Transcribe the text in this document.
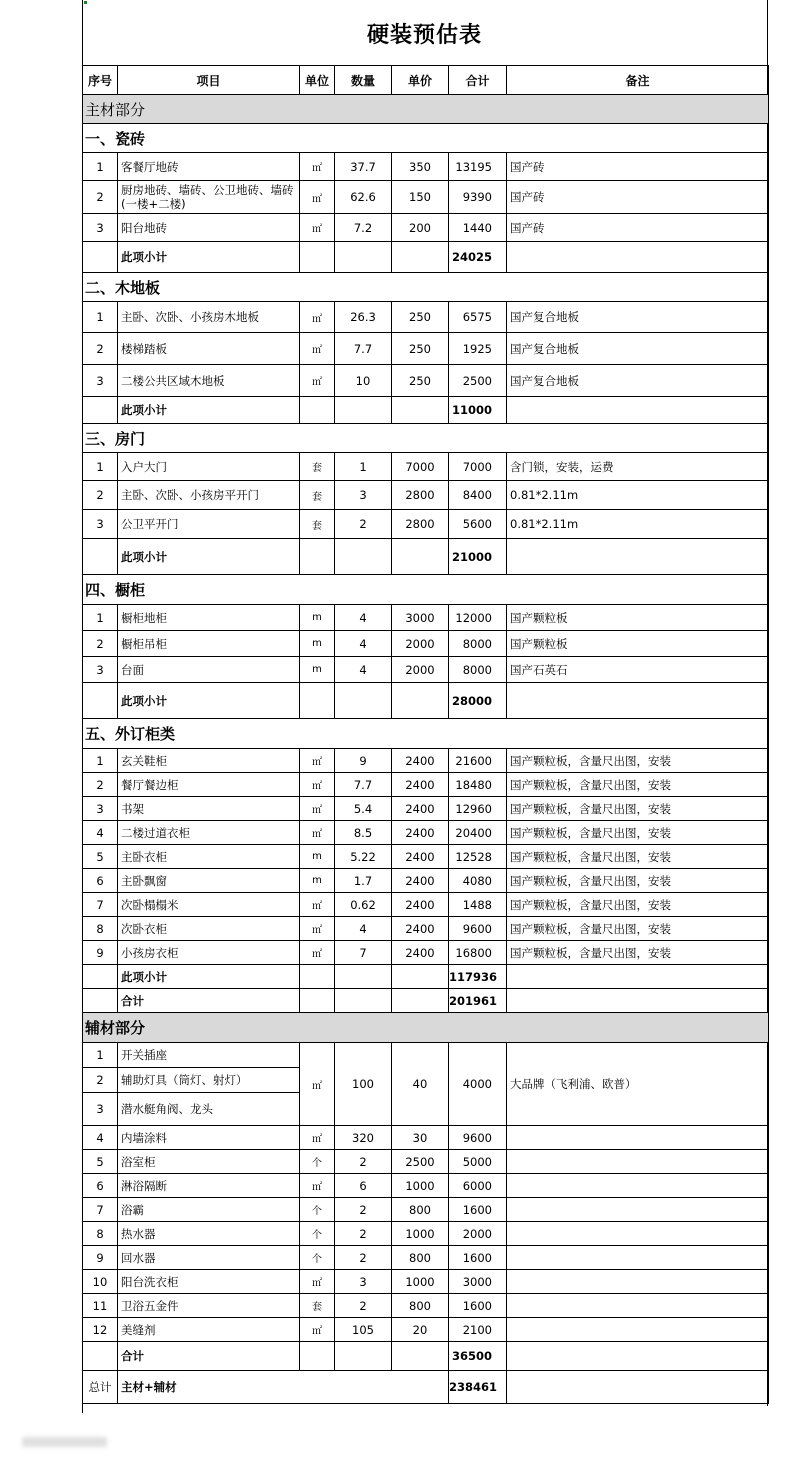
硬装预估表
序号	项目	单位	数量	单价	合计	备注
主材部分						
一、瓷砖						
1	客餐厅地砖	㎡	37.7	350	13195	国产砖
2	厨房地砖、墙砖、公卫地砖、墙砖(一楼+二楼)	㎡	62.6	150	9390	国产砖
3	阳台地砖	㎡	7.2	200	1440	国产砖
	此项小计				24025	
二、木地板						
1	主卧、次卧、小孩房木地板	㎡	26.3	250	6575	国产复合地板
2	楼梯踏板	㎡	7.7	250	1925	国产复合地板
3	二楼公共区域木地板	㎡	10	250	2500	国产复合地板
	此项小计				11000	
三、房门						
1	入户大门	套	1	7000	7000	含门锁，安装，运费
2	主卧、次卧、小孩房平开门	套	3	2800	8400	0.81*2.11m
3	公卫平开门	套	2	2800	5600	0.81*2.11m
	此项小计				21000	
四、橱柜						
1	橱柜地柜	m	4	3000	12000	国产颗粒板
2	橱柜吊柜	m	4	2000	8000	国产颗粒板
3	台面	m	4	2000	8000	国产石英石
	此项小计				28000	
五、外订柜类						
1	玄关鞋柜	㎡	9	2400	21600	国产颗粒板，含量尺出图，安装
2	餐厅餐边柜	㎡	7.7	2400	18480	国产颗粒板，含量尺出图，安装
3	书架	㎡	5.4	2400	12960	国产颗粒板，含量尺出图，安装
4	二楼过道衣柜	㎡	8.5	2400	20400	国产颗粒板，含量尺出图，安装
5	主卧衣柜	m	5.22	2400	12528	国产颗粒板，含量尺出图，安装
6	主卧飘窗	m	1.7	2400	4080	国产颗粒板，含量尺出图，安装
7	次卧榻榻米	㎡	0.62	2400	1488	国产颗粒板，含量尺出图，安装
8	次卧衣柜	㎡	4	2400	9600	国产颗粒板，含量尺出图，安装
9	小孩房衣柜	㎡	7	2400	16800	国产颗粒板，含量尺出图，安装
	此项小计				117936	
	合计				201961	
辅材部分						
1	开关插座	㎡	100	40	4000	大品牌（飞利浦、欧普）
2	辅助灯具（筒灯、射灯）					
3	潜水艇角阀、龙头					
4	内墙涂料	㎡	320	30	9600	
5	浴室柜	个	2	2500	5000	
6	淋浴隔断	㎡	6	1000	6000	
7	浴霸	个	2	800	1600	
8	热水器	个	2	1000	2000	
9	回水器	个	2	800	1600	
10	阳台洗衣柜	㎡	3	1000	3000	
11	卫浴五金件	套	2	800	1600	
12	美缝剂	㎡	105	20	2100	
	合计				36500	
总计	主材+辅材				238461	
